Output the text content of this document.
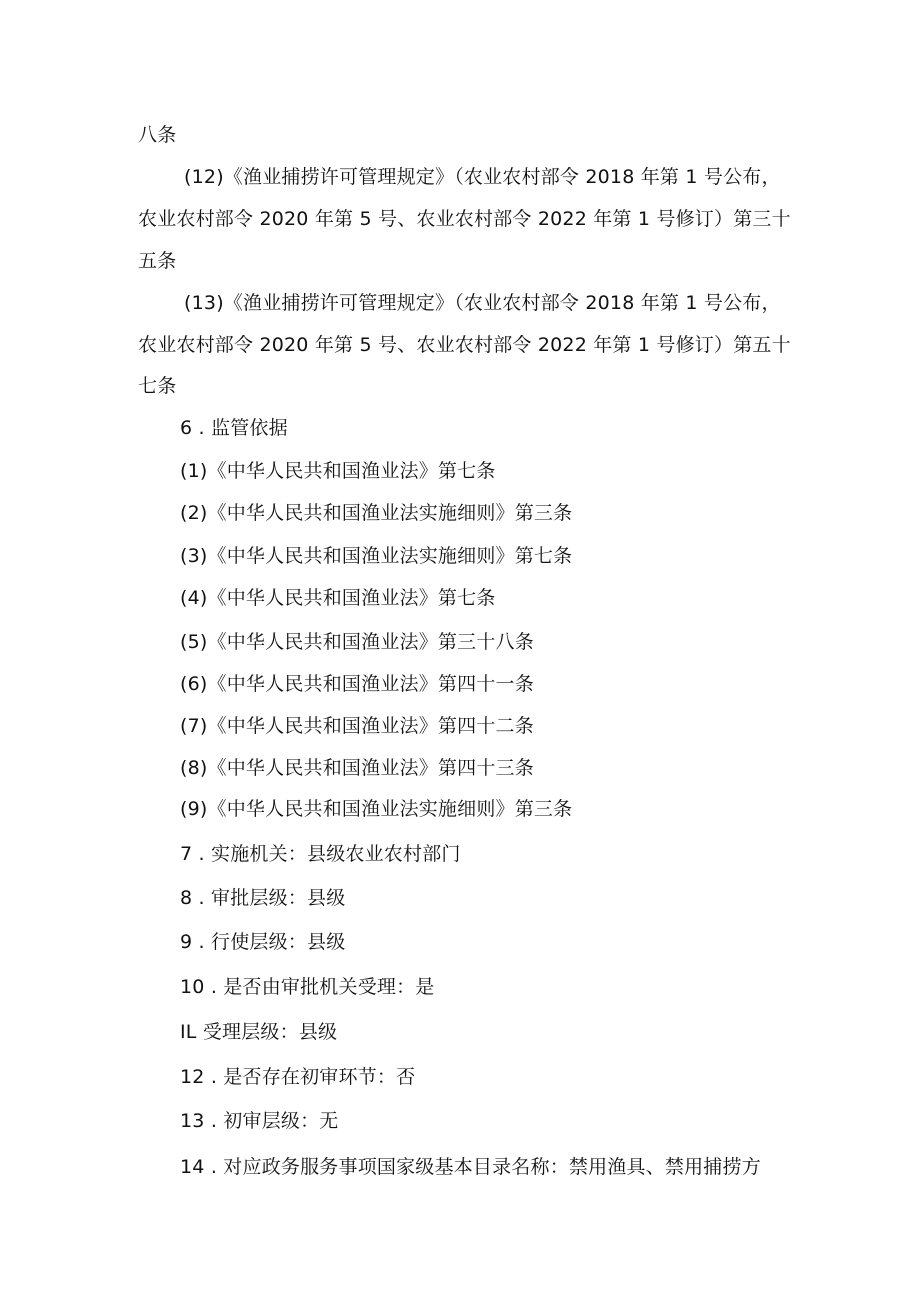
八条
(12)《渔业捕捞许可管理规定》（农业农村部令 2018 年第 1 号公布，
农业农村部令 2020 年第 5 号、农业农村部令 2022 年第 1 号修订）第三十
五条
(13)《渔业捕捞许可管理规定》（农业农村部令 2018 年第 1 号公布，
农业农村部令 2020 年第 5 号、农业农村部令 2022 年第 1 号修订）第五十
七条
6 . 监管依据
(1)《中华人民共和国渔业法》第七条
(2)《中华人民共和国渔业法实施细则》第三条
(3)《中华人民共和国渔业法实施细则》第七条
(4)《中华人民共和国渔业法》第七条
(5)《中华人民共和国渔业法》第三十八条
(6)《中华人民共和国渔业法》第四十一条
(7)《中华人民共和国渔业法》第四十二条
(8)《中华人民共和国渔业法》第四十三条
(9)《中华人民共和国渔业法实施细则》第三条
7 . 实施机关：县级农业农村部门
8 . 审批层级：县级
9 . 行使层级：县级
10 . 是否由审批机关受理：是
IL 受理层级：县级
12 . 是否存在初审环节：否
13 . 初审层级：无
14 . 对应政务服务事项国家级基本目录名称：禁用渔具、禁用捕捞方
